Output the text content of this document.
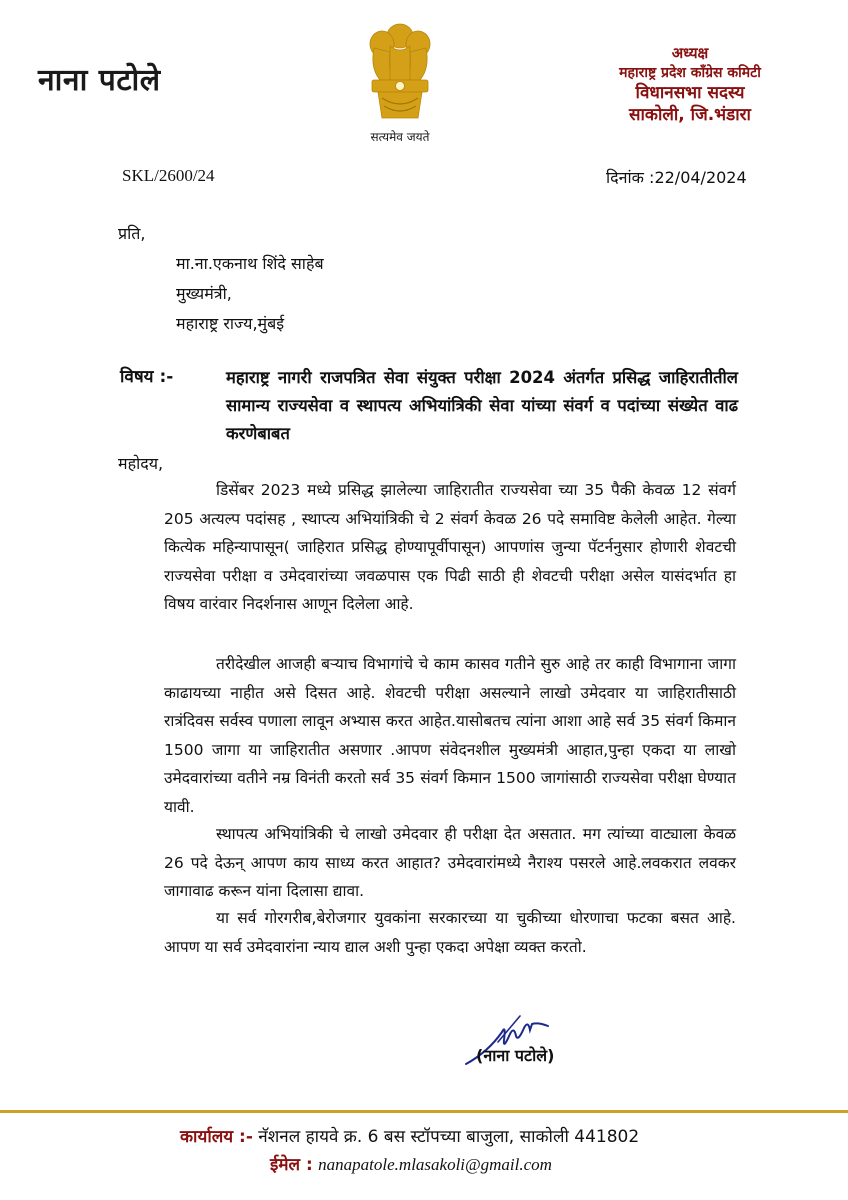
नाना पटोले
सत्यमेव जयते
अध्यक्ष
महाराष्ट्र प्रदेश कॉंग्रेस कमिटी
विधानसभा सदस्य
साकोली, जि.भंडारा
SKL/2600/24	दिनांक :22/04/2024
प्रति,
मा.ना.एकनाथ शिंदे साहेब
मुख्यमंत्री,
महाराष्ट्र राज्य,मुंबई
विषय :-	महाराष्ट्र नागरी राजपत्रित सेवा संयुक्त परीक्षा 2024 अंतर्गत प्रसिद्ध जाहिरातीतील सामान्य राज्यसेवा व स्थापत्य अभियांत्रिकी सेवा यांच्या संवर्ग व पदांच्या संख्येत वाढ करणेबाबत
महोदय,
डिसेंबर 2023 मध्ये प्रसिद्ध झालेल्या जाहिरातीत राज्यसेवा च्या 35 पैकी केवळ 12 संवर्ग 205 अत्यल्प पदांसह , स्थाप्त्य अभियांत्रिकी चे 2 संवर्ग केवळ 26 पदे समाविष्ट केलेली आहेत. गेल्या कित्येक महिन्यापासून( जाहिरात प्रसिद्ध होण्यापूर्वीपासून) आपणांस जुन्या पॅटर्ननुसार होणारी शेवटची राज्यसेवा परीक्षा व उमेदवारांच्या जवळपास एक पिढी साठी ही शेवटची परीक्षा असेल यासंदर्भात हा विषय वारंवार निदर्शनास आणून दिलेला आहे.
तरीदेखील आजही बऱ्याच विभागांचे चे काम कासव गतीने सुरु आहे तर काही विभागाना जागा काढायच्या नाहीत असे दिसत आहे. शेवटची परीक्षा असल्याने लाखो उमेदवार या जाहिरातीसाठी रात्रंदिवस सर्वस्व पणाला लावून अभ्यास करत आहेत.यासोबतच त्यांना आशा आहे सर्व 35 संवर्ग किमान 1500 जागा या जाहिरातीत असणार .आपण संवेदनशील मुख्यमंत्री आहात,पुन्हा एकदा या लाखो उमेदवारांच्या वतीने नम्र विनंती करतो सर्व 35 संवर्ग किमान 1500 जागांसाठी राज्यसेवा परीक्षा घेण्यात यावी.
स्थापत्य अभियांत्रिकी चे लाखो उमेदवार ही परीक्षा देत असतात. मग त्यांच्या वाट्याला केवळ 26 पदे देऊन् आपण काय साध्य करत आहात? उमेदवारांमध्ये नैराश्य पसरले आहे.लवकरात लवकर जागावाढ करून यांना दिलासा द्यावा.
या सर्व गोरगरीब,बेरोजगार युवकांना सरकारच्या या चुकीच्या धोरणाचा फटका बसत आहे. आपण या सर्व उमेदवारांना न्याय द्याल अशी पुन्हा एकदा अपेक्षा व्यक्त करतो.
(नाना पटोले)
कार्यालय :- नॅशनल हायवे क्र. 6 बस स्टॉपच्या बाजुला, साकोली 441802
ईमेल : nanapatole.mlasakoli@gmail.com
